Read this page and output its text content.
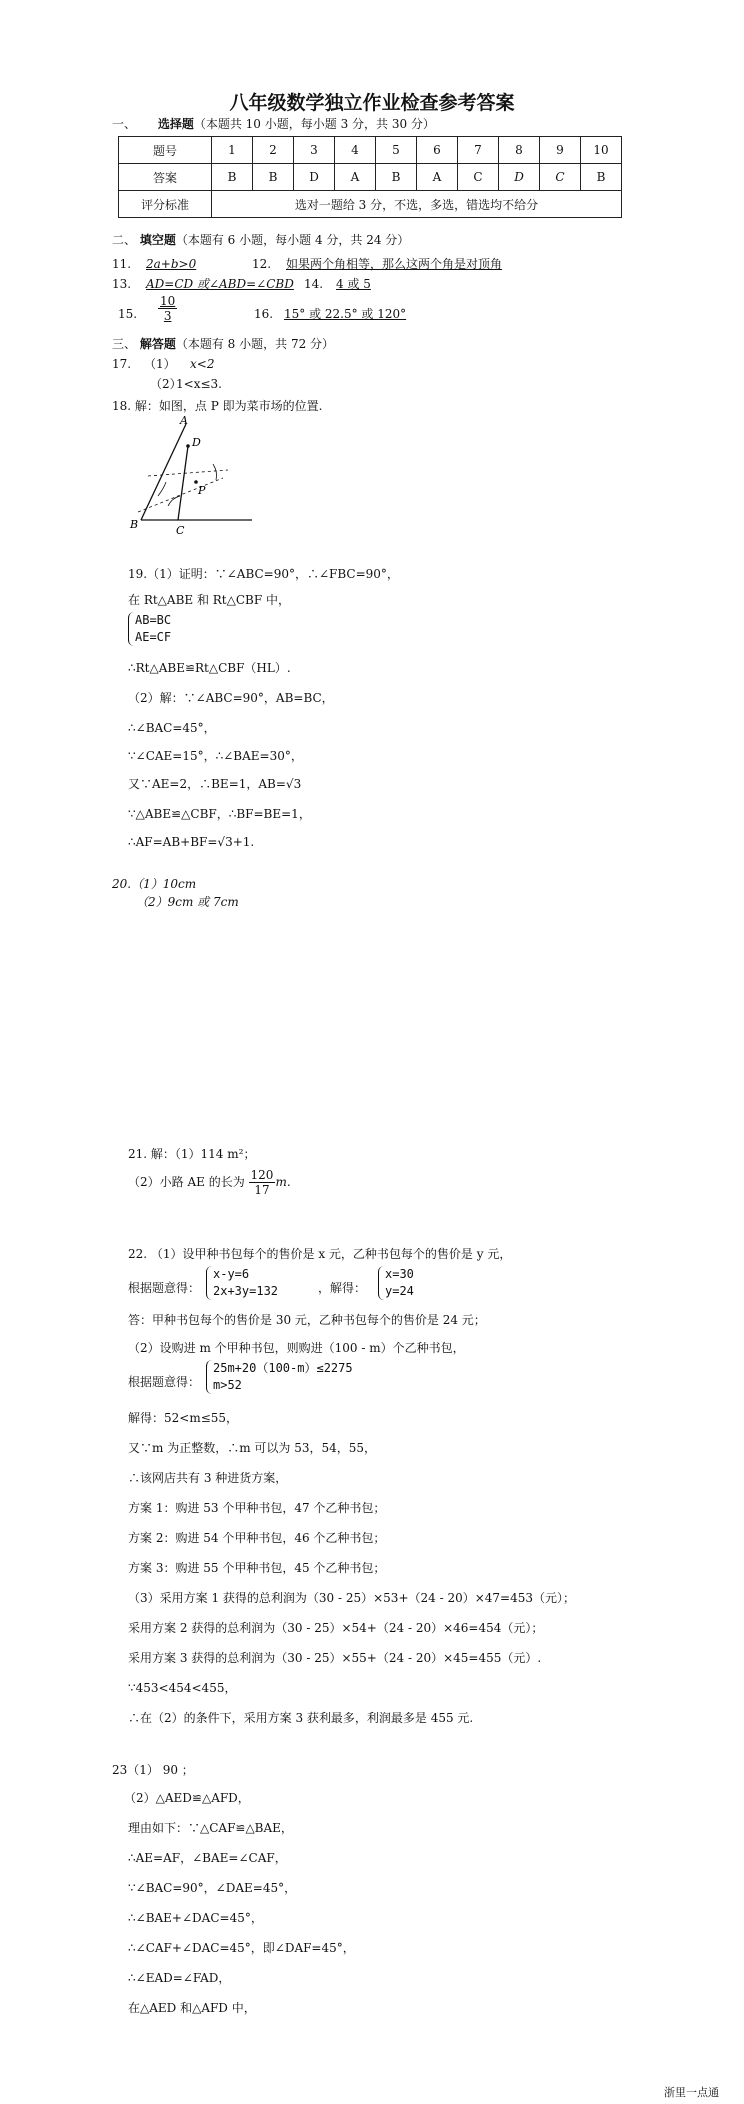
八年级数学独立作业检查参考答案
一、 选择题（本题共 10 小题，每小题 3 分，共 30 分）
题号	1	2	3	4	5	6	7	8	9	10
答案	B	B	D	A	B	A	C	D	C	B
评分标准	选对一题给 3 分，不选，多选，错选均不给分									
二、 填空题（本题有 6 小题，每小题 4 分，共 24 分）
11. 2a+b>0	12. 如果两个角相等，那么这两个角是对顶角
13. AD=CD 或∠ABD=∠CBD 14. 4 或 5
15. $\frac{10}{3}$	16. 15° 或 22.5° 或 120°
三、 解答题（本题有 8 小题，共 72 分）
17. （1） x<2
（2）
1<x≤3.
18. 解：如图，点 P 即为菜市场的位置.
A
D
P
B	C
19.（1）证明：∵∠ABC=90°，∴∠FBC=90°，
在 Rt△ABE 和 Rt△CBF 中，
AB=BC
AE=CF
∴Rt△ABE≌Rt△CBF（HL）.
（2）解：∵∠ABC=90°，AB=BC，
∴∠BAC=45°，
∵∠CAE=15°，∴∠BAE=30°，
又∵AE=2，∴BE=1，AB=√3
∵△ABE≌△CBF，∴BF=BE=1，
∴AF=AB+BF=√3+1.
20.（1）10cm
（2）9cm 或 7cm
21. 解：（1）114 m²；
（2）小路 AE 的长为 $\frac{120}{17} m$.
22. （1）设甲种书包每个的售价是 x 元，乙种书包每个的售价是 y 元，
根据题意得：
x-y=6
2x+3y=132	，解得：
x=30
y=24
答：甲种书包每个的售价是 30 元，乙种书包每个的售价是 24 元；
（2）设购进 m 个甲种书包，则购进（100 - m）个乙种书包，
根据题意得：
25m+20（100-m）≤2275
m>52
解得：52<m≤55，
又∵m 为正整数，∴m 可以为 53，54，55，
∴该网店共有 3 种进货方案，
方案 1：购进 53 个甲种书包，47 个乙种书包；
方案 2：购进 54 个甲种书包，46 个乙种书包；
方案 3：购进 55 个甲种书包，45 个乙种书包；
（3）采用方案 1 获得的总利润为（30 - 25）×53+（24 - 20）×47=453（元）；
采用方案 2 获得的总利润为（30 - 25）×54+（24 - 20）×46=454（元）；
采用方案 3 获得的总利润为（30 - 25）×55+（24 - 20）×45=455（元）.
∵453<454<455，
∴在（2）的条件下，采用方案 3 获利最多，利润最多是 455 元.
23（1） 90 ；
（2）△AED≌△AFD，
理由如下：∵△CAF≌△BAE，
∴AE=AF，∠BAE=∠CAF，
∵∠BAC=90°，∠DAE=45°，
∴∠BAE+∠DAC=45°，
∴∠CAF+∠DAC=45°，即∠DAF=45°，
∴∠EAD=∠FAD，
在△AED 和△AFD 中，
浙里一点通
